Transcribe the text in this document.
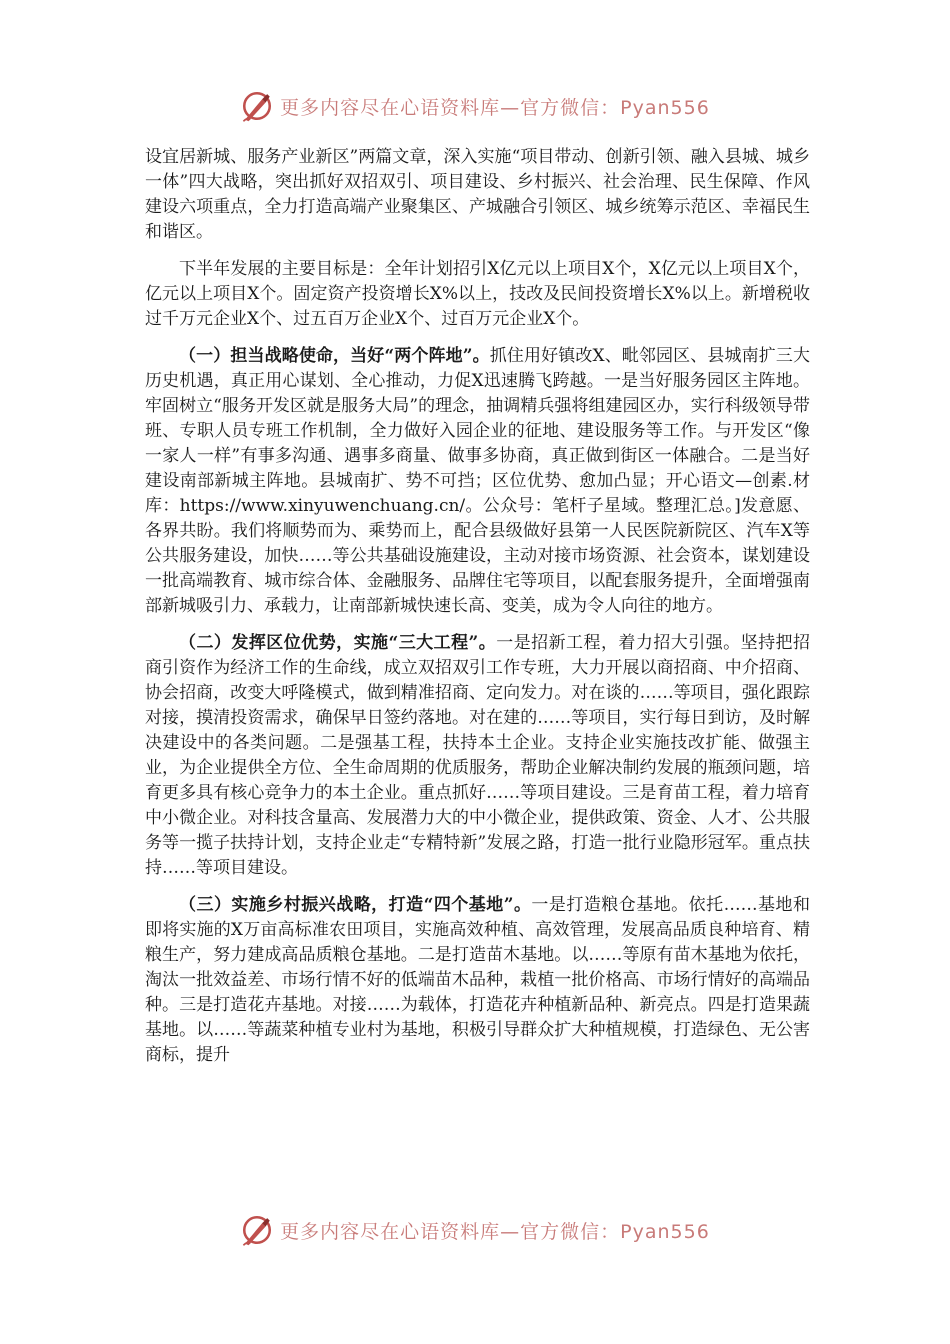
更多内容尽在心语资料库—官方微信：Pyan556

设宜居新城、服务产业新区”两篇文章，深入实施“项目带动、创新引领、融入县城、城乡一体”四大战略，突出抓好双招双引、项目建设、乡村振兴、社会治理、民生保障、作风建设六项重点，全力打造高端产业聚集区、产城融合引领区、城乡统筹示范区、幸福民生和谐区。

下半年发展的主要目标是：全年计划招引X亿元以上项目X个，X亿元以上项目X个，亿元以上项目X个。固定资产投资增长X%以上，技改及民间投资增长X%以上。新增税收过千万元企业X个、过五百万企业X个、过百万元企业X个。

（一）担当战略使命，当好“两个阵地”。抓住用好镇改X、毗邻园区、县城南扩三大历史机遇，真正用心谋划、全心推动，力促X迅速腾飞跨越。一是当好服务园区主阵地。牢固树立“服务开发区就是服务大局”的理念，抽调精兵强将组建园区办，实行科级领导带班、专职人员专班工作机制，全力做好入园企业的征地、建设服务等工作。与开发区“像一家人一样”有事多沟通、遇事多商量、做事多协商，真正做到街区一体融合。二是当好建设南部新城主阵地。县城南扩、势不可挡；区位优势、愈加凸显；开心语文—创素.材库：https://www.xinyuwenchuang.cn/。公众号：笔杆子星域。整理汇总。]发意愿、各界共盼。我们将顺势而为、乘势而上，配合县级做好县第一人民医院新院区、汽车X等公共服务建设，加快……等公共基础设施建设，主动对接市场资源、社会资本，谋划建设一批高端教育、城市综合体、金融服务、品牌住宅等项目，以配套服务提升，全面增强南部新城吸引力、承载力，让南部新城快速长高、变美，成为令人向往的地方。

（二）发挥区位优势，实施“三大工程”。一是招新工程，着力招大引强。坚持把招商引资作为经济工作的生命线，成立双招双引工作专班，大力开展以商招商、中介招商、协会招商，改变大呼隆模式，做到精准招商、定向发力。对在谈的……等项目，强化跟踪对接，摸清投资需求，确保早日签约落地。对在建的……等项目，实行每日到访，及时解决建设中的各类问题。二是强基工程，扶持本土企业。支持企业实施技改扩能、做强主业，为企业提供全方位、全生命周期的优质服务，帮助企业解决制约发展的瓶颈问题，培育更多具有核心竞争力的本土企业。重点抓好……等项目建设。三是育苗工程，着力培育中小微企业。对科技含量高、发展潜力大的中小微企业，提供政策、资金、人才、公共服务等一揽子扶持计划，支持企业走“专精特新”发展之路，打造一批行业隐形冠军。重点扶持……等项目建设。

（三）实施乡村振兴战略，打造“四个基地”。一是打造粮仓基地。依托……基地和即将实施的X万亩高标准农田项目，实施高效种植、高效管理，发展高品质良种培育、精粮生产，努力建成高品质粮仓基地。二是打造苗木基地。以……等原有苗木基地为依托，淘汰一批效益差、市场行情不好的低端苗木品种，栽植一批价格高、市场行情好的高端品种。三是打造花卉基地。对接……为载体，打造花卉种植新品种、新亮点。四是打造果蔬基地。以……等蔬菜种植专业村为基地，积极引导群众扩大种植规模，打造绿色、无公害商标，提升

更多内容尽在心语资料库—官方微信：Pyan556
